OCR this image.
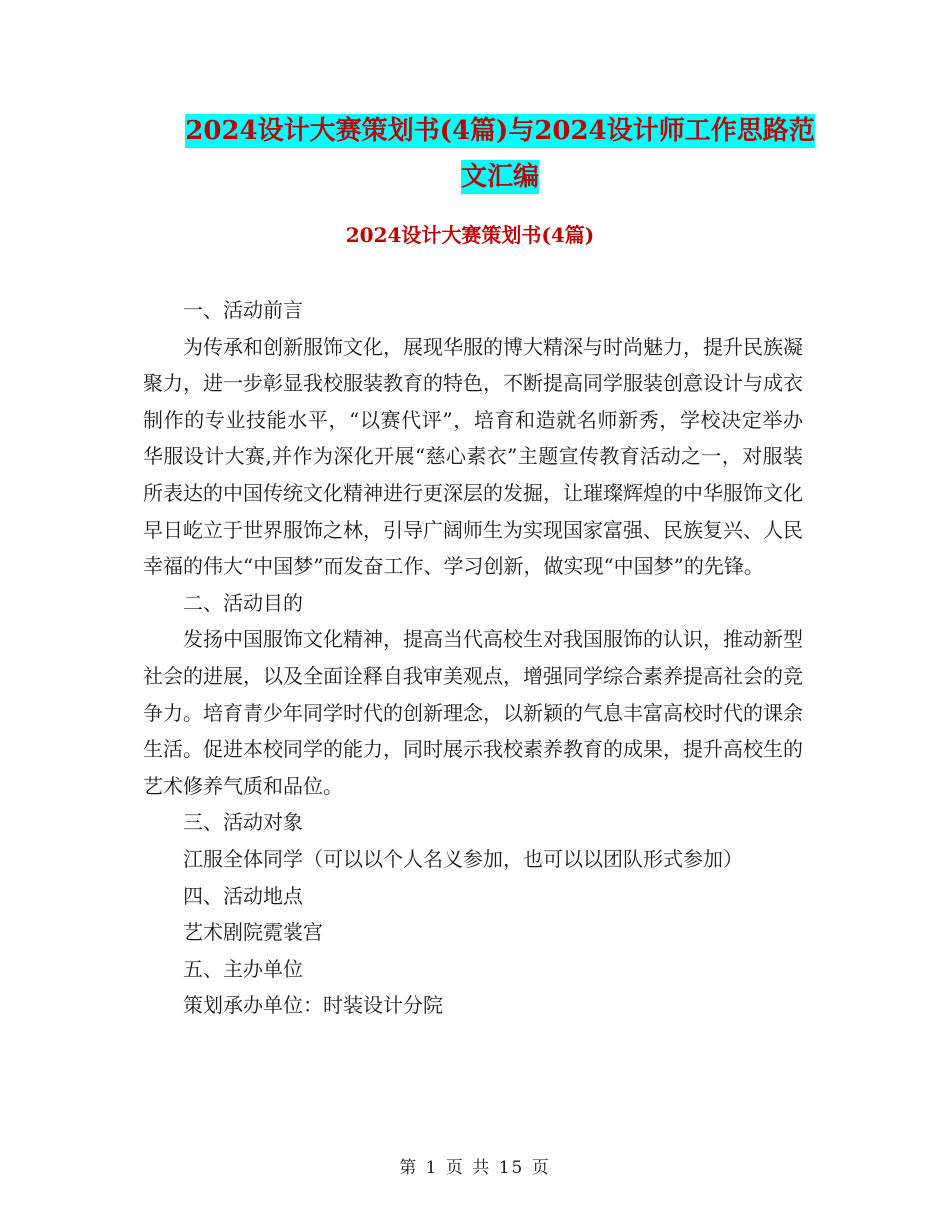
2024设计大赛策划书(4篇)与2024设计师工作思路范
文汇编
2024设计大赛策划书(4篇)

一、活动前言

为传承和创新服饰文化，展现华服的博大精深与时尚魅力，提升民族凝聚力，进一步彰显我校服装教育的特色，不断提高同学服装创意设计与成衣制作的专业技能水平，“以赛代评”，培育和造就名师新秀，学校决定举办华服设计大赛,并作为深化开展“慈心素衣”主题宣传教育活动之一，对服装所表达的中国传统文化精神进行更深层的发掘，让璀璨辉煌的中华服饰文化早日屹立于世界服饰之林，引导广阔师生为实现国家富强、民族复兴、人民幸福的伟大“中国梦”而发奋工作、学习创新，做实现“中国梦”的先锋。

二、活动目的

发扬中国服饰文化精神，提高当代高校生对我国服饰的认识，推动新型社会的进展，以及全面诠释自我审美观点，增强同学综合素养提高社会的竞争力。培育青少年同学时代的创新理念，以新颖的气息丰富高校时代的课余生活。促进本校同学的能力，同时展示我校素养教育的成果，提升高校生的艺术修养气质和品位。

三、活动对象

江服全体同学（可以以个人名义参加，也可以以团队形式参加）

四、活动地点

艺术剧院霓裳宫

五、主办单位

策划承办单位：时装设计分院

第 1 页 共 15 页
